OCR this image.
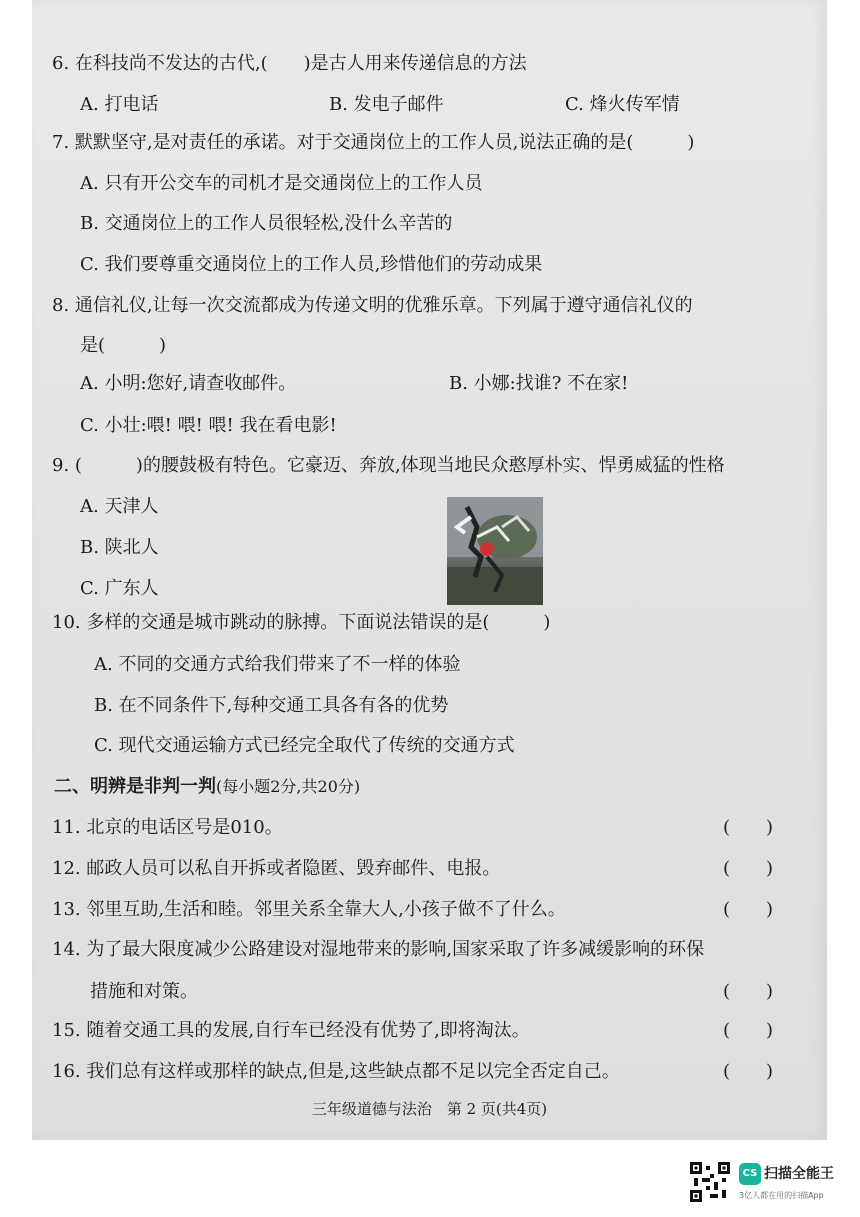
6. 在科技尚不发达的古代,( )是古人用来传递信息的方法
A. 打电话	B. 发电子邮件	C. 烽火传军情
7. 默默坚守,是对责任的承诺。对于交通岗位上的工作人员,说法正确的是(　　　)
A. 只有开公交车的司机才是交通岗位上的工作人员
B. 交通岗位上的工作人员很轻松,没什么辛苦的
C. 我们要尊重交通岗位上的工作人员,珍惜他们的劳动成果
8. 通信礼仪,让每一次交流都成为传递文明的优雅乐章。下列属于遵守通信礼仪的
是(　　　)
A. 小明:您好,请查收邮件。	B. 小娜:找谁? 不在家!
C. 小壮:喂! 喂! 喂! 我在看电影!
9. (　　　)的腰鼓极有特色。它豪迈、奔放,体现当地民众憨厚朴实、悍勇威猛的性格
A. 天津人
B. 陕北人
C. 广东人
10. 多样的交通是城市跳动的脉搏。下面说法错误的是(　　　)
A. 不同的交通方式给我们带来了不一样的体验
B. 在不同条件下,每种交通工具各有各的优势
C. 现代交通运输方式已经完全取代了传统的交通方式
二、明辨是非判一判(每小题2分,共20分)
11. 北京的电话区号是010。	( )
12. 邮政人员可以私自开拆或者隐匿、毁弃邮件、电报。	( )
13. 邻里互助,生活和睦。邻里关系全靠大人,小孩子做不了什么。	( )
14. 为了最大限度减少公路建设对湿地带来的影响,国家采取了许多减缓影响的环保
措施和对策。	( )
15. 随着交通工具的发展,自行车已经没有优势了,即将淘汰。	( )
16. 我们总有这样或那样的缺点,但是,这些缺点都不足以完全否定自己。	( )
三年级道德与法治　第 2 页(共4页)
CS 扫描全能王
3亿人都在用的扫描App
